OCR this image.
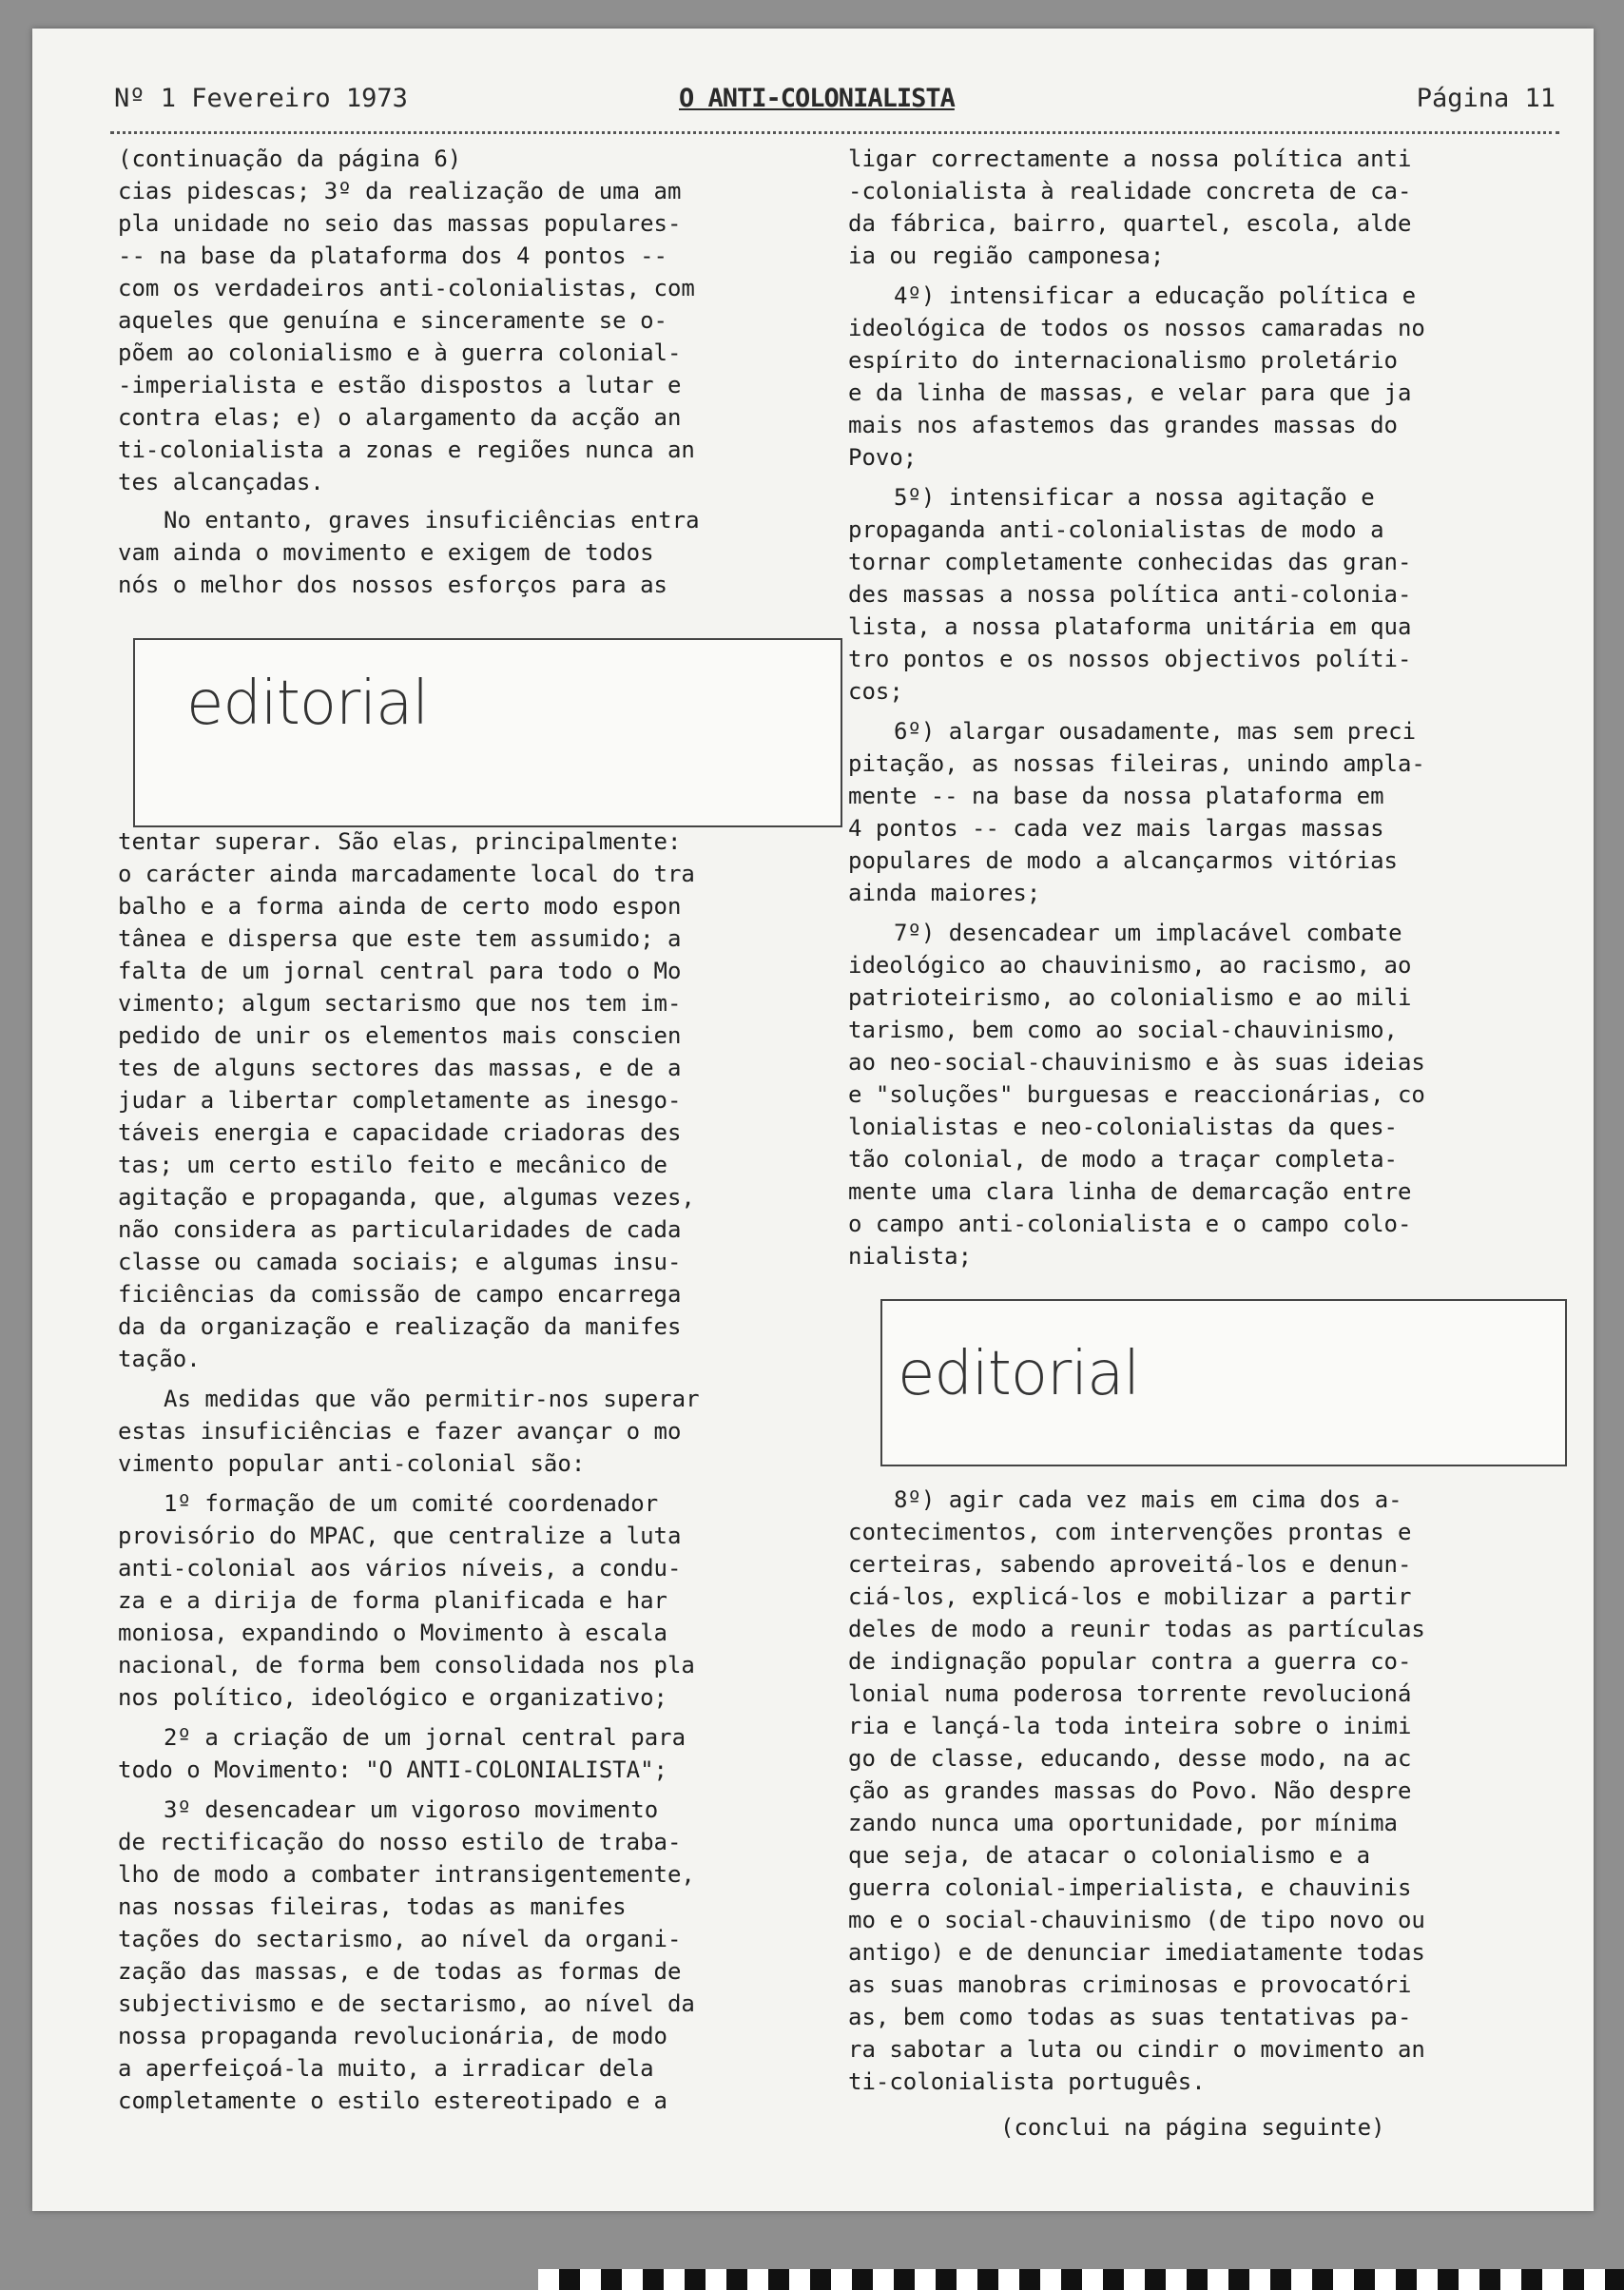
Nº 1 Fevereiro 1973	O ANTI-COLONIALISTA	Página 11

(continuação da página 6)

cias pidescas; 3º da realização de uma am
pla unidade no seio das massas populares-
-- na base da plataforma dos 4 pontos --
com os verdadeiros anti-colonialistas, com
aqueles que genuína e sinceramente se o-
põem ao colonialismo e à guerra colonial-
-imperialista e estão dispostos a lutar e
contra elas; e) o alargamento da acção an
ti-colonialista a zonas e regiões nunca an
tes alcançadas.
No entanto, graves insuficiências entra
vam ainda o movimento e exigem de todos
nós o melhor dos nossos esforços para as
editorial
tentar superar. São elas, principalmente:
o carácter ainda marcadamente local do tra
balho e a forma ainda de certo modo espon
tânea e dispersa que este tem assumido; a
falta de um jornal central para todo o Mo
vimento; algum sectarismo que nos tem im-
pedido de unir os elementos mais conscien
tes de alguns sectores das massas, e de a
judar a libertar completamente as inesgo-
táveis energia e capacidade criadoras des
tas; um certo estilo feito e mecânico de
agitação e propaganda, que, algumas vezes,
não considera as particularidades de cada
classe ou camada sociais; e algumas insu-
ficiências da comissão de campo encarrega
da da organização e realização da manifes
tação.
As medidas que vão permitir-nos superar
estas insuficiências e fazer avançar o mo
vimento popular anti-colonial são:
1º formação de um comité coordenador
provisório do MPAC, que centralize a luta
anti-colonial aos vários níveis, a condu-
za e a dirija de forma planificada e har
moniosa, expandindo o Movimento à escala
nacional, de forma bem consolidada nos pla
nos político, ideológico e organizativo;
2º a criação de um jornal central para
todo o Movimento: "O ANTI-COLONIALISTA";
3º desencadear um vigoroso movimento
de rectificação do nosso estilo de traba-
lho de modo a combater intransigentemente,
nas nossas fileiras, todas as manifes
tações do sectarismo, ao nível da organi-
zação das massas, e de todas as formas de
subjectivismo e de sectarismo, ao nível da
nossa propaganda revolucionária, de modo
a aperfeiçoá-la muito, a irradicar dela
completamente o estilo estereotipado e a
ligar correctamente a nossa política anti
-colonialista à realidade concreta de ca-
da fábrica, bairro, quartel, escola, alde
ia ou região camponesa;
4º) intensificar a educação política e
ideológica de todos os nossos camaradas no
espírito do internacionalismo proletário
e da linha de massas, e velar para que ja
mais nos afastemos das grandes massas do
Povo;
5º) intensificar a nossa agitação e
propaganda anti-colonialistas de modo a
tornar completamente conhecidas das gran-
des massas a nossa política anti-colonia-
lista, a nossa plataforma unitária em qua
tro pontos e os nossos objectivos políti-
cos;
6º) alargar ousadamente, mas sem preci
pitação, as nossas fileiras, unindo ampla-
mente -- na base da nossa plataforma em
4 pontos -- cada vez mais largas massas
populares de modo a alcançarmos vitórias
ainda maiores;
7º) desencadear um implacável combate
ideológico ao chauvinismo, ao racismo, ao
patrioteirismo, ao colonialismo e ao mili
tarismo, bem como ao social-chauvinismo,
ao neo-social-chauvinismo e às suas ideias
e "soluções" burguesas e reaccionárias, co
lonialistas e neo-colonialistas da ques-
tão colonial, de modo a traçar completa-
mente uma clara linha de demarcação entre
o campo anti-colonialista e o campo colo-
nialista;
editorial
8º) agir cada vez mais em cima dos a-
contecimentos, com intervenções prontas e
certeiras, sabendo aproveitá-los e denun-
ciá-los, explicá-los e mobilizar a partir
deles de modo a reunir todas as partículas
de indignação popular contra a guerra co-
lonial numa poderosa torrente revolucioná
ria e lançá-la toda inteira sobre o inimi
go de classe, educando, desse modo, na ac
ção as grandes massas do Povo. Não despre
zando nunca uma oportunidade, por mínima
que seja, de atacar o colonialismo e a
guerra colonial-imperialista, e chauvinis
mo e o social-chauvinismo (de tipo novo ou
antigo) e de denunciar imediatamente todas
as suas manobras criminosas e provocatóri
as, bem como todas as suas tentativas pa-
ra sabotar a luta ou cindir o movimento an
ti-colonialista português.

(conclui na página seguinte)
